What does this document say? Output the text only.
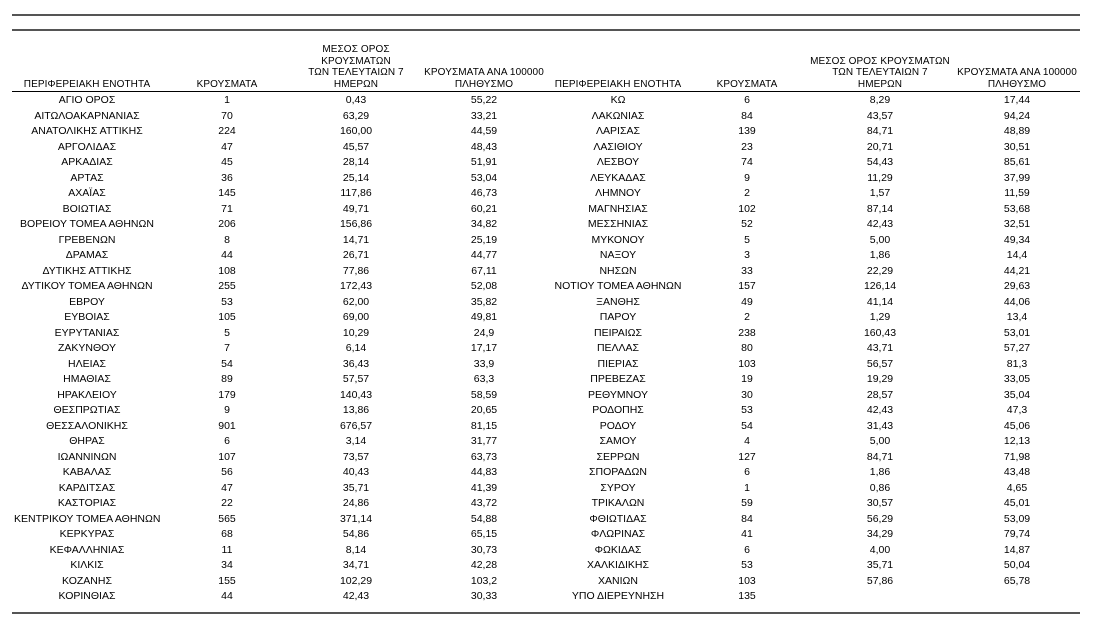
ΠΕΡΙΦΕΡΕΙΑΚΗ ΕΝΟΤΗΤΑ	ΚΡΟΥΣΜΑΤΑ	ΜΕΣΟΣ ΟΡΟΣ ΚΡΟΥΣΜΑΤΩΝ
ΤΩΝ ΤΕΛΕΥΤΑΙΩΝ 7
ΗΜΕΡΩΝ	ΚΡΟΥΣΜΑΤΑ ΑΝΑ 100000
ΠΛΗΘΥΣΜΟ	ΠΕΡΙΦΕΡΕΙΑΚΗ ΕΝΟΤΗΤΑ	ΚΡΟΥΣΜΑΤΑ	ΜΕΣΟΣ ΟΡΟΣ ΚΡΟΥΣΜΑΤΩΝ
ΤΩΝ ΤΕΛΕΥΤΑΙΩΝ 7
ΗΜΕΡΩΝ	ΚΡΟΥΣΜΑΤΑ ΑΝΑ 100000
ΠΛΗΘΥΣΜΟ
ΑΓΙΟ ΟΡΟΣ	1	0,43	55,22	ΚΩ	6	8,29	17,44
ΑΙΤΩΛΟΑΚΑΡΝΑΝΙΑΣ	70	63,29	33,21	ΛΑΚΩΝΙΑΣ	84	43,57	94,24
ΑΝΑΤΟΛΙΚΗΣ ΑΤΤΙΚΗΣ	224	160,00	44,59	ΛΑΡΙΣΑΣ	139	84,71	48,89
ΑΡΓΟΛΙΔΑΣ	47	45,57	48,43	ΛΑΣΙΘΙΟΥ	23	20,71	30,51
ΑΡΚΑΔΙΑΣ	45	28,14	51,91	ΛΕΣΒΟΥ	74	54,43	85,61
ΑΡΤΑΣ	36	25,14	53,04	ΛΕΥΚΑΔΑΣ	9	11,29	37,99
ΑΧΑΪΑΣ	145	117,86	46,73	ΛΗΜΝΟΥ	2	1,57	11,59
ΒΟΙΩΤΙΑΣ	71	49,71	60,21	ΜΑΓΝΗΣΙΑΣ	102	87,14	53,68
ΒΟΡΕΙΟΥ ΤΟΜΕΑ ΑΘΗΝΩΝ	206	156,86	34,82	ΜΕΣΣΗΝΙΑΣ	52	42,43	32,51
ΓΡΕΒΕΝΩΝ	8	14,71	25,19	ΜΥΚΟΝΟΥ	5	5,00	49,34
ΔΡΑΜΑΣ	44	26,71	44,77	ΝΑΞΟΥ	3	1,86	14,4
ΔΥΤΙΚΗΣ ΑΤΤΙΚΗΣ	108	77,86	67,11	ΝΗΣΩΝ	33	22,29	44,21
ΔΥΤΙΚΟΥ ΤΟΜΕΑ ΑΘΗΝΩΝ	255	172,43	52,08	ΝΟΤΙΟΥ ΤΟΜΕΑ ΑΘΗΝΩΝ	157	126,14	29,63
ΕΒΡΟΥ	53	62,00	35,82	ΞΑΝΘΗΣ	49	41,14	44,06
ΕΥΒΟΙΑΣ	105	69,00	49,81	ΠΑΡΟΥ	2	1,29	13,4
ΕΥΡΥΤΑΝΙΑΣ	5	10,29	24,9	ΠΕΙΡΑΙΩΣ	238	160,43	53,01
ΖΑΚΥΝΘΟΥ	7	6,14	17,17	ΠΕΛΛΑΣ	80	43,71	57,27
ΗΛΕΙΑΣ	54	36,43	33,9	ΠΙΕΡΙΑΣ	103	56,57	81,3
ΗΜΑΘΙΑΣ	89	57,57	63,3	ΠΡΕΒΕΖΑΣ	19	19,29	33,05
ΗΡΑΚΛΕΙΟΥ	179	140,43	58,59	ΡΕΘΥΜΝΟΥ	30	28,57	35,04
ΘΕΣΠΡΩΤΙΑΣ	9	13,86	20,65	ΡΟΔΟΠΗΣ	53	42,43	47,3
ΘΕΣΣΑΛΟΝΙΚΗΣ	901	676,57	81,15	ΡΟΔΟΥ	54	31,43	45,06
ΘΗΡΑΣ	6	3,14	31,77	ΣΑΜΟΥ	4	5,00	12,13
ΙΩΑΝΝΙΝΩΝ	107	73,57	63,73	ΣΕΡΡΩΝ	127	84,71	71,98
ΚΑΒΑΛΑΣ	56	40,43	44,83	ΣΠΟΡΑΔΩΝ	6	1,86	43,48
ΚΑΡΔΙΤΣΑΣ	47	35,71	41,39	ΣΥΡΟΥ	1	0,86	4,65
ΚΑΣΤΟΡΙΑΣ	22	24,86	43,72	ΤΡΙΚΑΛΩΝ	59	30,57	45,01
ΚΕΝΤΡΙΚΟΥ ΤΟΜΕΑ ΑΘΗΝΩΝ	565	371,14	54,88	ΦΘΙΩΤΙΔΑΣ	84	56,29	53,09
ΚΕΡΚΥΡΑΣ	68	54,86	65,15	ΦΛΩΡΙΝΑΣ	41	34,29	79,74
ΚΕΦΑΛΛΗΝΙΑΣ	11	8,14	30,73	ΦΩΚΙΔΑΣ	6	4,00	14,87
ΚΙΛΚΙΣ	34	34,71	42,28	ΧΑΛΚΙΔΙΚΗΣ	53	35,71	50,04
ΚΟΖΑΝΗΣ	155	102,29	103,2	ΧΑΝΙΩΝ	103	57,86	65,78
ΚΟΡΙΝΘΙΑΣ	44	42,43	30,33	ΥΠΟ ΔΙΕΡΕΥΝΗΣΗ	135		
